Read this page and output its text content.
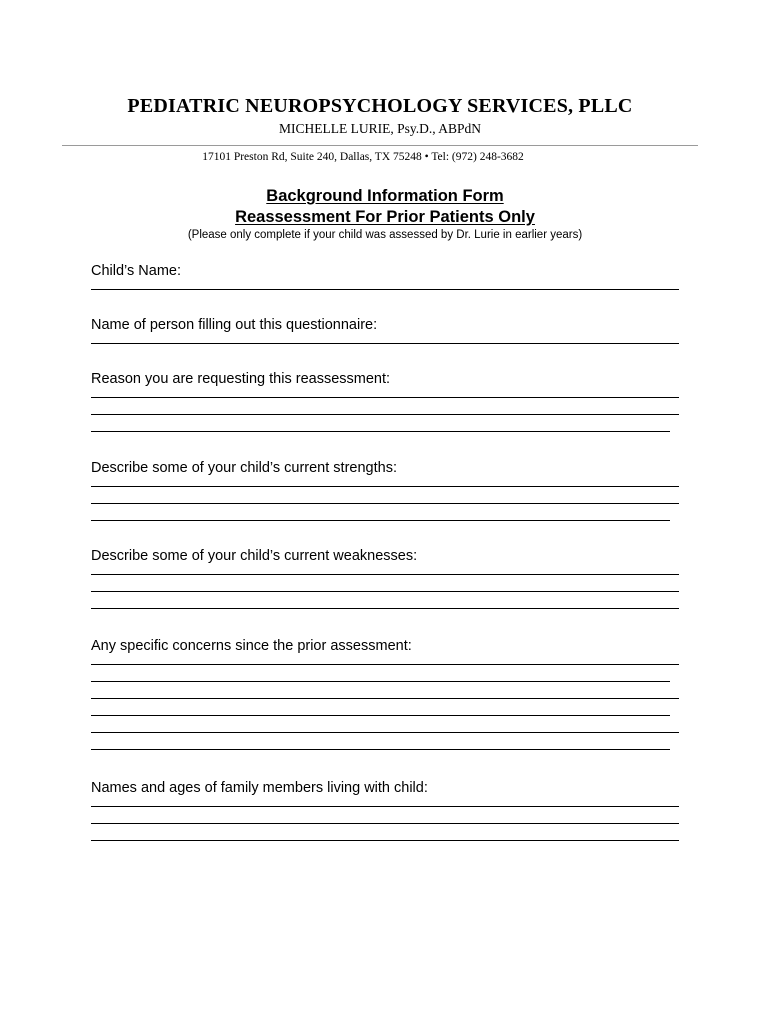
PEDIATRIC NEUROPSYCHOLOGY SERVICES, PLLC
MICHELLE LURIE, Psy.D., ABPdN
17101 Preston Rd, Suite 240, Dallas, TX 75248 • Tel: (972) 248-3682
Background Information Form
Reassessment For Prior Patients Only
(Please only complete if your child was assessed by Dr. Lurie in earlier years)
Child’s Name:
Name of person filling out this questionnaire:
Reason you are requesting this reassessment:
Describe some of your child’s current strengths:
Describe some of your child’s current weaknesses:
Any specific concerns since the prior assessment:
Names and ages of family members living with child:
